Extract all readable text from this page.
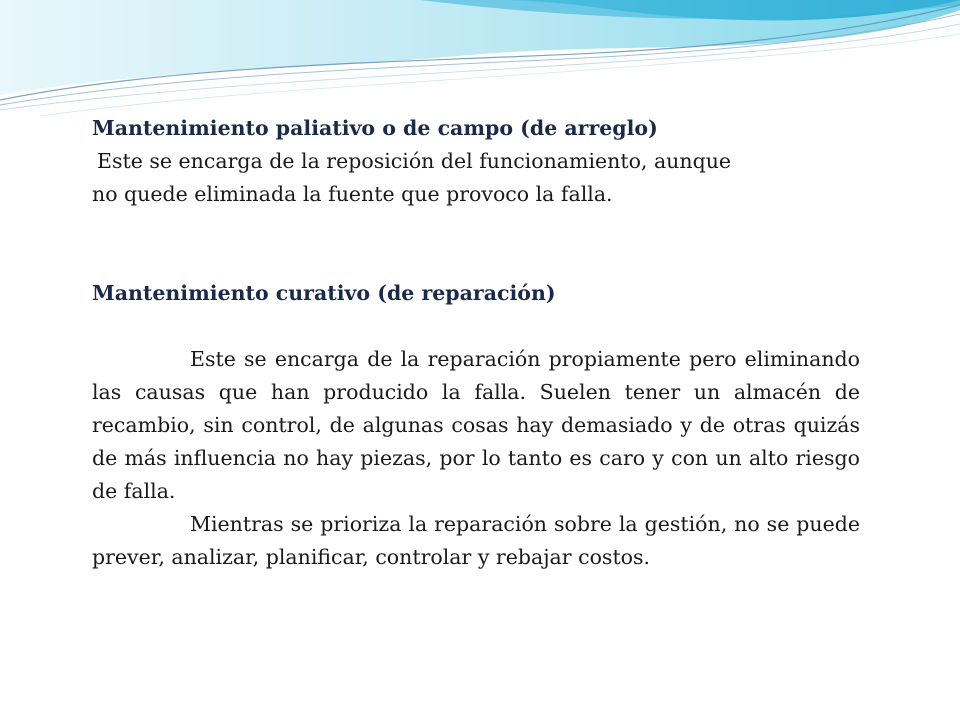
Mantenimiento paliativo o de campo (de arreglo)

Este se encarga de la reposición del funcionamiento, aunque

no quede eliminada la fuente que provoco la falla.

Mantenimiento curativo (de reparación)

Este se encarga de la reparación propiamente pero eliminando las causas que han producido la falla. Suelen tener un almacén de recambio, sin control, de algunas cosas hay demasiado y de otras quizás de más influencia no hay piezas, por lo tanto es caro y con un alto riesgo de falla.

Mientras se prioriza la reparación sobre la gestión, no se puede prever, analizar, planificar, controlar y rebajar costos.
